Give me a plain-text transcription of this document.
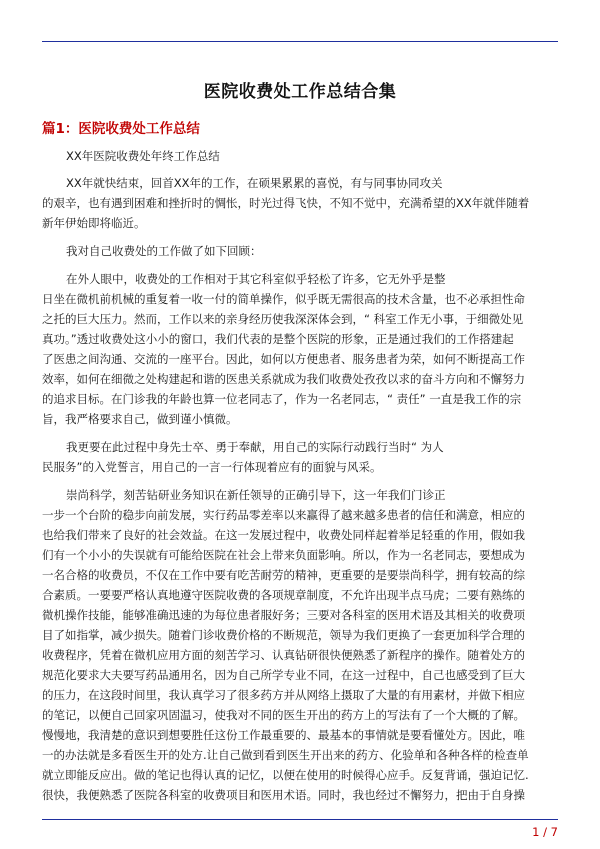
医院收费处工作总结合集
篇1：医院收费处工作总结

XX年医院收费处年终工作总结

XX年就快结束，回首XX年的工作，在硕果累累的喜悦，有与同事协同攻关
的艰辛，也有遇到困难和挫折时的惆怅，时光过得飞快，不知不觉中，充满希望的XX年就伴随着
新年伊始即将临近。

我对自己收费处的工作做了如下回顾：

在外人眼中，收费处的工作相对于其它科室似乎轻松了许多，它无外乎是整
日坐在微机前机械的重复着一收一付的简单操作，似乎既无需很高的技术含量，也不必承担性命
之托的巨大压力。然而，工作以来的亲身经历使我深深体会到，“ 科室工作无小事，于细微处见
真功。”透过收费处这小小的窗口，我们代表的是整个医院的形象，正是通过我们的工作搭建起
了医患之间沟通、交流的一座平台。因此，如何以方便患者、服务患者为荣，如何不断提高工作
效率，如何在细微之处构建起和谐的医患关系就成为我们收费处孜孜以求的奋斗方向和不懈努力
的追求目标。在门诊我的年龄也算一位老同志了，作为一名老同志，“ 责任” 一直是我工作的宗
旨，我严格要求自己，做到谨小慎微。

我更要在此过程中身先士卒、勇于奉献，用自己的实际行动践行当时“ 为人
民服务”的入党誓言，用自己的一言一行体现着应有的面貌与风采。

崇尚科学，刻苦钻研业务知识在新任领导的正确引导下，这一年我们门诊正
一步一个台阶的稳步向前发展，实行药品零差率以来赢得了越来越多患者的信任和满意，相应的
也给我们带来了良好的社会效益。在这一发展过程中，收费处同样起着举足轻重的作用，假如我
们有一个小小的失误就有可能给医院在社会上带来负面影响。所以，作为一名老同志，要想成为
一名合格的收费员，不仅在工作中要有吃苦耐劳的精神，更重要的是要崇尚科学，拥有较高的综
合素质。一要要严格认真地遵守医院收费的各项规章制度，不允许出现半点马虎；二要有熟练的
微机操作技能，能够准确迅速的为每位患者服好务；三要对各科室的医用术语及其相关的收费项
目了如指掌，减少损失。随着门诊收费价格的不断规范，领导为我们更换了一套更加科学合理的
收费程序，凭着在微机应用方面的刻苦学习、认真钻研很快便熟悉了新程序的操作。随着处方的
规范化要求大夫要写药品通用名，因为自己所学专业不同，在这一过程中，自己也感受到了巨大
的压力，在这段时间里，我认真学习了很多药方并从网络上摄取了大量的有用素材，并做下相应
的笔记，以便自己回家巩固温习，使我对不同的医生开出的药方上的写法有了一个大概的了解。
慢慢地，我清楚的意识到想要胜任这份工作最重要的、最基本的事情就是要看懂处方。因此，唯
一的办法就是多看医生开的处方.让自己做到看到医生开出来的药方、化验单和各种各样的检查单
就立即能反应出。做的笔记也得认真的记忆，以便在使用的时候得心应手。反复背诵，强迫记忆.
很快，我便熟悉了医院各科室的收费项目和医用术语。同时，我也经过不懈努力，把由于自身操

1 / 7
